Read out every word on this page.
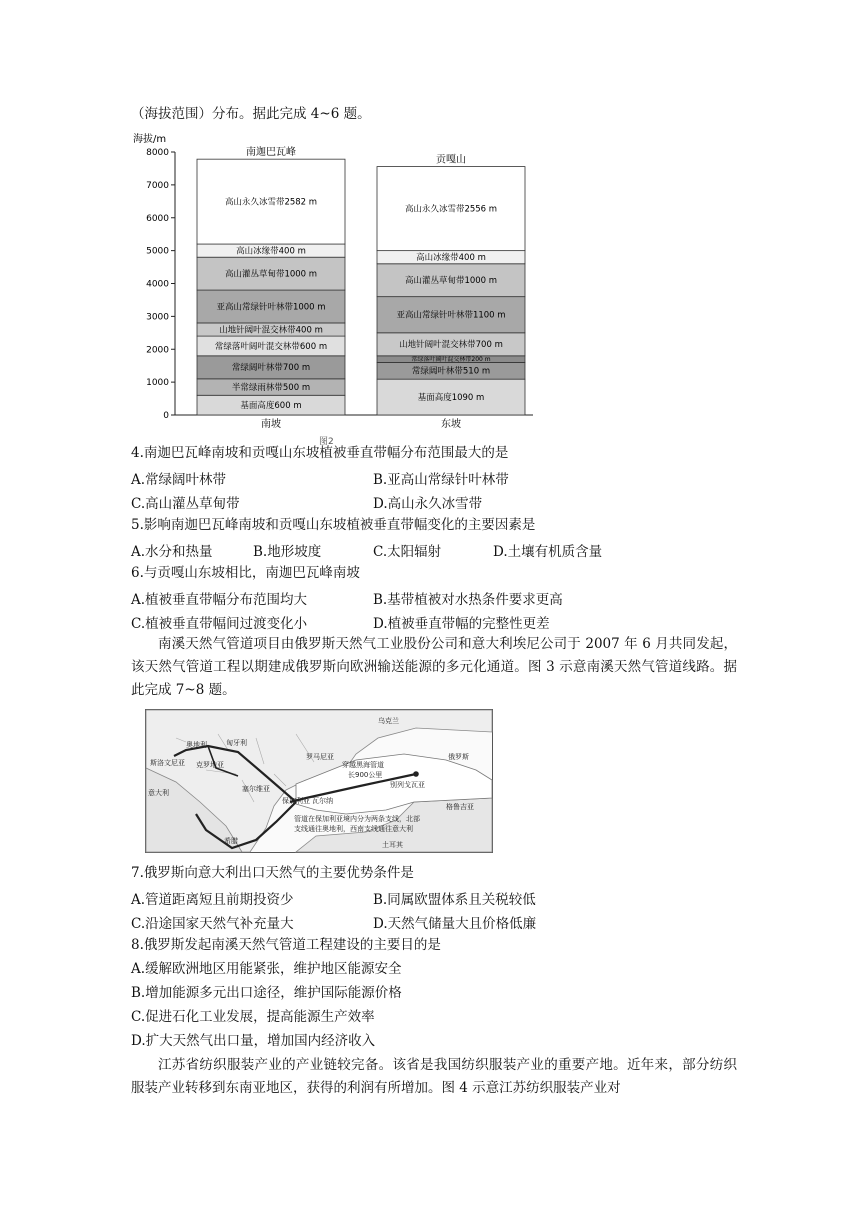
（海拔范围）分布。据此完成 4~6 题。
海拔/m
0
1000
2000
3000
4000
5000
6000
7000
8000
基面高度600 m
半常绿雨林带500 m
常绿阔叶林带700 m
常绿落叶阔叶混交林带600 m
山地针阔叶混交林带400 m
亚高山常绿针叶林带1000 m
高山灌丛草甸带1000 m
高山冰缘带400 m
高山永久冰雪带2582 m
南迦巴瓦峰
南坡
基面高度1090 m
常绿阔叶林带510 m
常绿落叶阔叶混交林带200 m
山地针阔叶混交林带700 m
亚高山常绿针叶林带1100 m
高山灌丛草甸带1000 m
高山冰缘带400 m
高山永久冰雪带2556 m
贡嘎山
东坡
图2
4.南迦巴瓦峰南坡和贡嘎山东坡植被垂直带幅分布范围最大的是
A.常绿阔叶林带	B.亚高山常绿针叶林带
C.高山灌丛草甸带	D.高山永久冰雪带
5.影响南迦巴瓦峰南坡和贡嘎山东坡植被垂直带幅变化的主要因素是
A.水分和热量	B.地形坡度	C.太阳辐射	D.土壤有机质含量
6.与贡嘎山东坡相比，南迦巴瓦峰南坡
A.植被垂直带幅分布范围均大	B.基带植被对水热条件要求更高
C.植被垂直带幅间过渡变化小	D.植被垂直带幅的完整性更差
南溪天然气管道项目由俄罗斯天然气工业股份公司和意大利埃尼公司于 2007 年 6 月共同发起，该天然气管道工程以期建成俄罗斯向欧洲输送能源的多元化通道。图 3 示意南溪天然气管道线路。据此完成 7~8 题。
乌克兰
奥地利	匈牙利
斯洛文尼亚
罗马尼亚	俄罗斯
克罗地亚
塞尔维亚
意大利
保加利亚 瓦尔纳
格鲁吉亚
希腊	土耳其
穿越黑海管道
长900公里
别列戈瓦亚
管道在保加利亚境内分为两条支线，北部
支线通往奥地利，西南支线通往意大利
7.俄罗斯向意大利出口天然气的主要优势条件是
A.管道距离短且前期投资少	B.同属欧盟体系且关税较低
C.沿途国家天然气补充量大	D.天然气储量大且价格低廉
8.俄罗斯发起南溪天然气管道工程建设的主要目的是
A.缓解欧洲地区用能紧张，维护地区能源安全
B.增加能源多元出口途径，维护国际能源价格
C.促进石化工业发展，提高能源生产效率
D.扩大天然气出口量，增加国内经济收入
江苏省纺织服装产业的产业链较完备。该省是我国纺织服装产业的重要产地。近年来，部分纺织服装产业转移到东南亚地区，获得的利润有所增加。图 4 示意江苏纺织服装产业对
